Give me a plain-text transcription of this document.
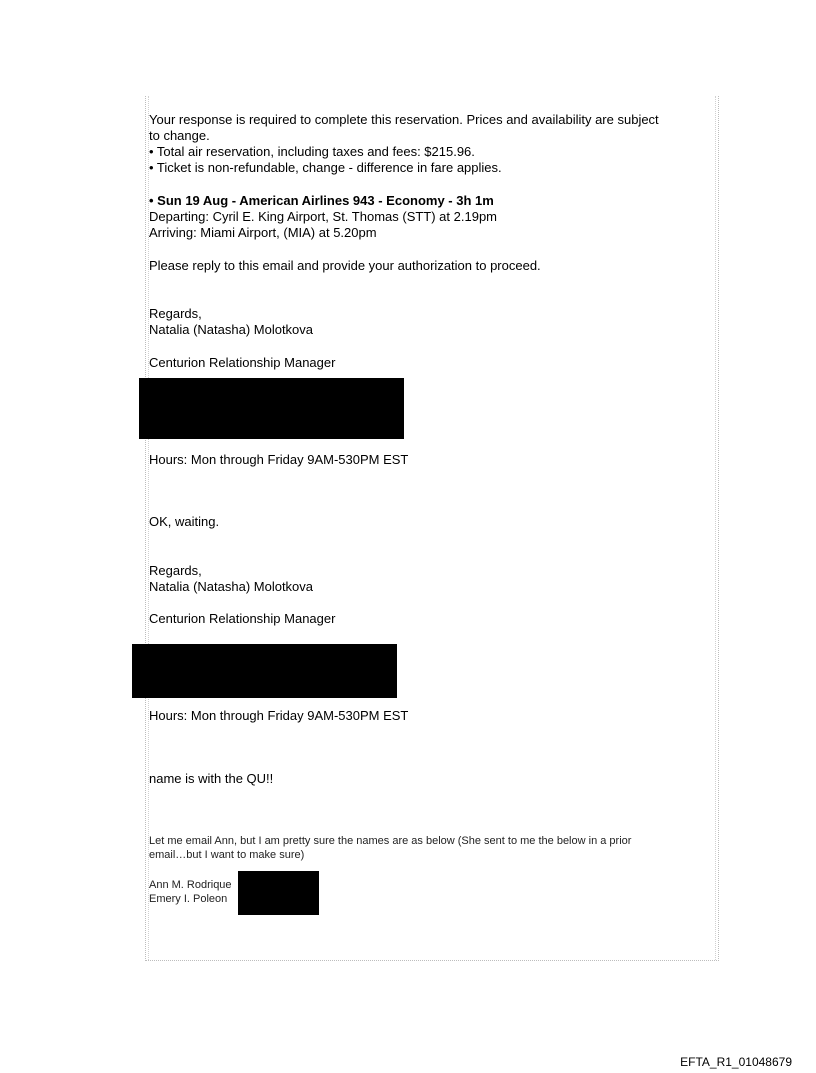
Your response is required to complete this reservation. Prices and availability are subject
to change.
• Total air reservation, including taxes and fees: $215.96.
• Ticket is non-refundable, change - difference in fare applies.
• Sun 19 Aug - American Airlines 943 - Economy - 3h 1m
Departing: Cyril E. King Airport, St. Thomas (STT) at 2.19pm
Arriving: Miami Airport, (MIA) at 5.20pm
Please reply to this email and provide your authorization to proceed.
Regards,
Natalia (Natasha) Molotkova
Centurion Relationship Manager
Hours: Mon through Friday 9AM-530PM EST
OK, waiting.
Regards,
Natalia (Natasha) Molotkova
Centurion Relationship Manager
Hours: Mon through Friday 9AM-530PM EST
name is with the QU!!
Let me email Ann, but I am pretty sure the names are as below (She sent to me the below in a prior
email…but I want to make sure)
Ann M. Rodrique
Emery I. Poleon
EFTA_R1_01048679
